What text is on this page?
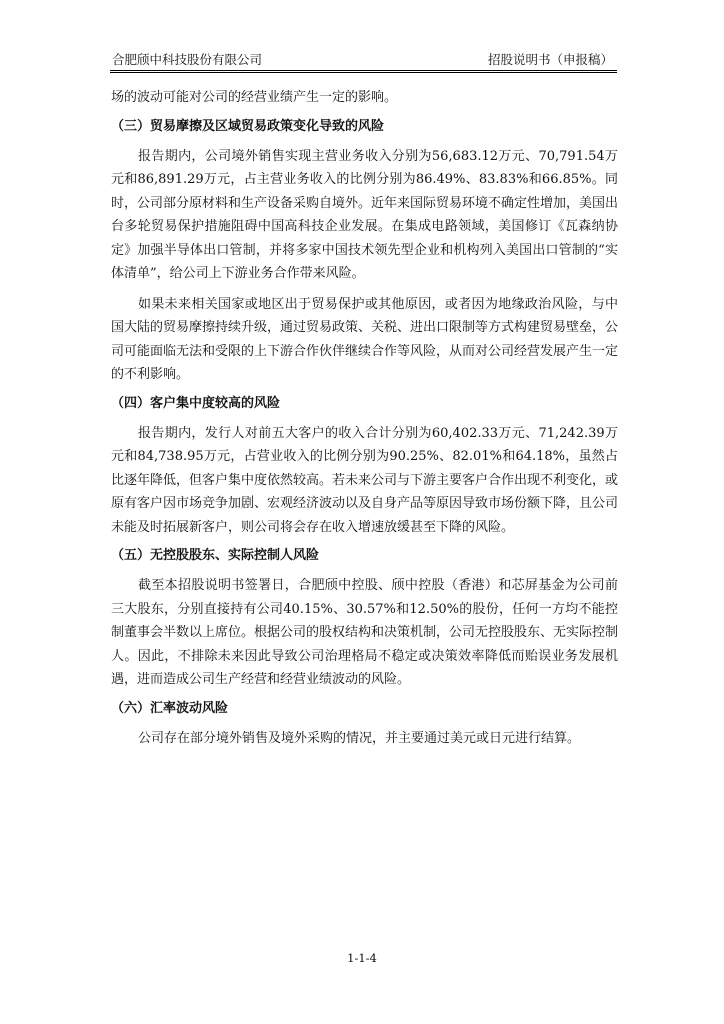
合肥颀中科技股份有限公司	招股说明书（申报稿）

场的波动可能对公司的经营业绩产生一定的影响。

（三）贸易摩擦及区域贸易政策变化导致的风险

报告期内，公司境外销售实现主营业务收入分别为56,683.12万元、70,791.54万元和86,891.29万元，占主营业务收入的比例分别为86.49%、83.83%和66.85%。同时，公司部分原材料和生产设备采购自境外。近年来国际贸易环境不确定性增加，美国出台多轮贸易保护措施阻碍中国高科技企业发展。在集成电路领域，美国修订《瓦森纳协定》加强半导体出口管制，并将多家中国技术领先型企业和机构列入美国出口管制的“实体清单”，给公司上下游业务合作带来风险。

如果未来相关国家或地区出于贸易保护或其他原因，或者因为地缘政治风险，与中国大陆的贸易摩擦持续升级，通过贸易政策、关税、进出口限制等方式构建贸易壁垒，公司可能面临无法和受限的上下游合作伙伴继续合作等风险，从而对公司经营发展产生一定的不利影响。

（四）客户集中度较高的风险

报告期内，发行人对前五大客户的收入合计分别为60,402.33万元、71,242.39万元和84,738.95万元，占营业收入的比例分别为90.25%、82.01%和64.18%，虽然占比逐年降低，但客户集中度依然较高。若未来公司与下游主要客户合作出现不利变化，或原有客户因市场竞争加剧、宏观经济波动以及自身产品等原因导致市场份额下降，且公司未能及时拓展新客户，则公司将会存在收入增速放缓甚至下降的风险。

（五）无控股股东、实际控制人风险

截至本招股说明书签署日，合肥颀中控股、颀中控股（香港）和芯屏基金为公司前三大股东，分别直接持有公司40.15%、30.57%和12.50%的股份，任何一方均不能控制董事会半数以上席位。根据公司的股权结构和决策机制，公司无控股股东、无实际控制人。因此，不排除未来因此导致公司治理格局不稳定或决策效率降低而贻误业务发展机遇，进而造成公司生产经营和经营业绩波动的风险。

（六）汇率波动风险

公司存在部分境外销售及境外采购的情况，并主要通过美元或日元进行结算。

1-1-4
